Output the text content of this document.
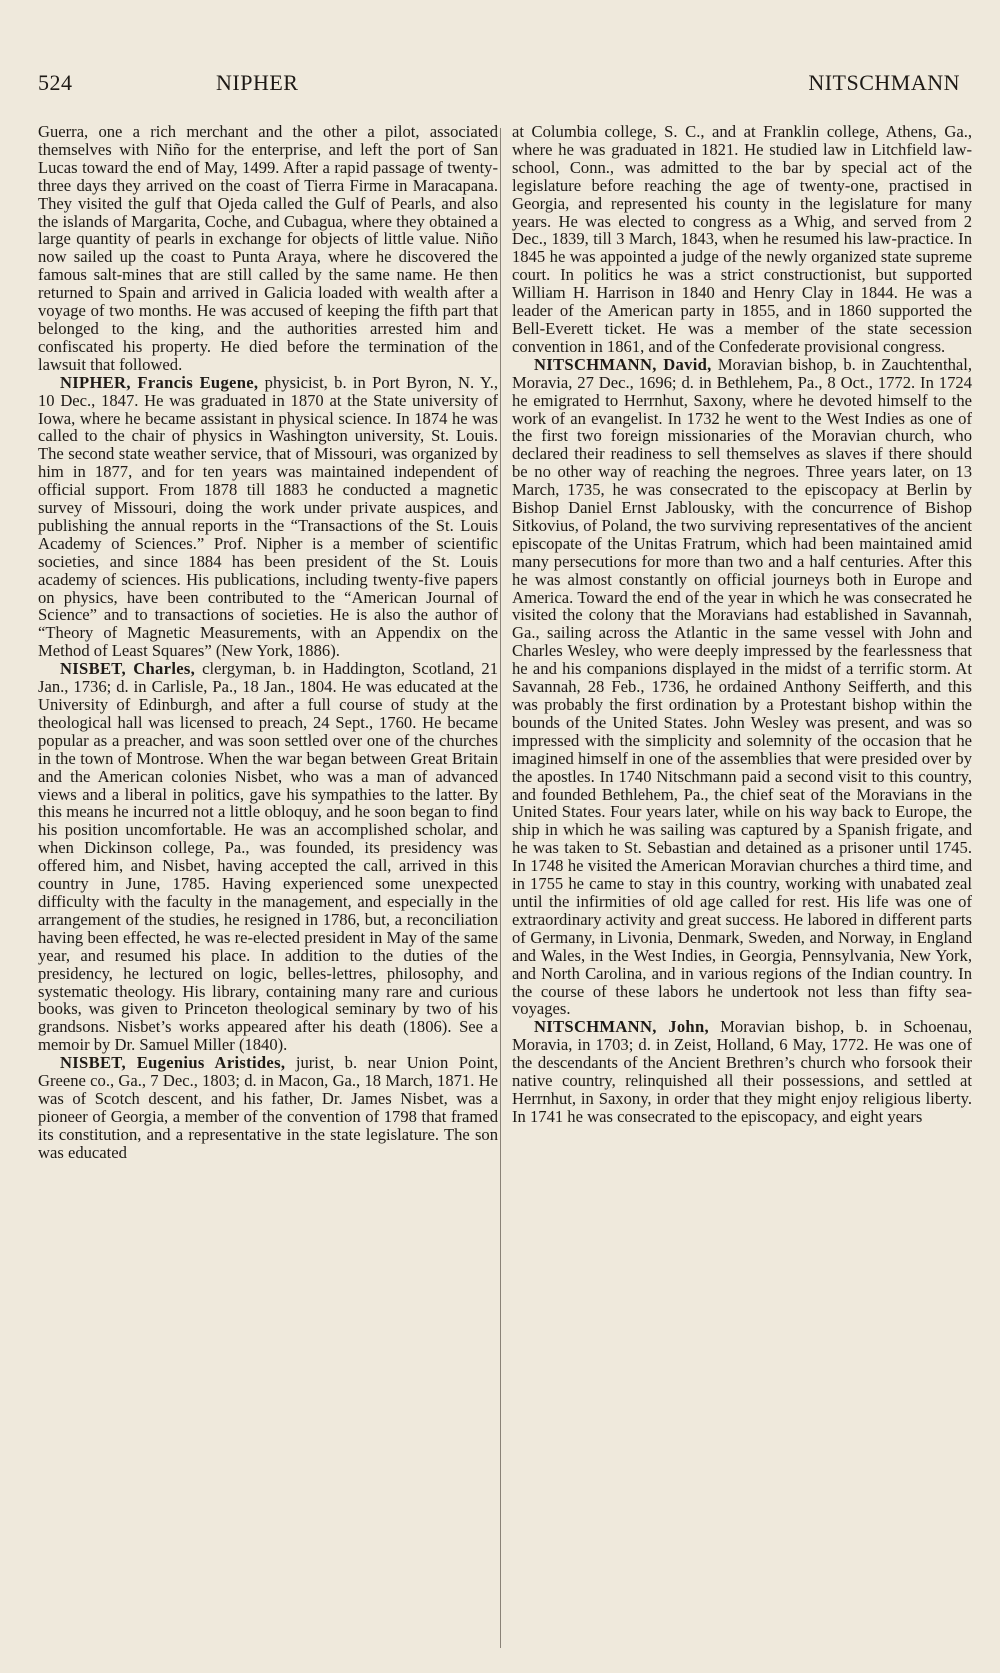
524	NIPHER	NITSCHMANN

Guerra, one a rich merchant and the other a pilot, associated themselves with Niño for the enterprise, and left the port of San Lucas toward the end of May, 1499. After a rapid passage of twenty-three days they arrived on the coast of Tierra Firme in Maracapana. They visited the gulf that Ojeda called the Gulf of Pearls, and also the islands of Margarita, Coche, and Cubagua, where they obtained a large quantity of pearls in exchange for objects of little value. Niño now sailed up the coast to Punta Araya, where he discovered the famous salt-mines that are still called by the same name. He then returned to Spain and arrived in Galicia loaded with wealth after a voyage of two months. He was accused of keeping the fifth part that belonged to the king, and the authorities arrested him and confiscated his property. He died before the termination of the lawsuit that followed.

NIPHER, Francis Eugene, physicist, b. in Port Byron, N. Y., 10 Dec., 1847. He was graduated in 1870 at the State university of Iowa, where he became assistant in physical science. In 1874 he was called to the chair of physics in Washington university, St. Louis. The second state weather service, that of Missouri, was organized by him in 1877, and for ten years was maintained independent of official support. From 1878 till 1883 he conducted a magnetic survey of Missouri, doing the work under private auspices, and publishing the annual reports in the “Transactions of the St. Louis Academy of Sciences.” Prof. Nipher is a member of scientific societies, and since 1884 has been president of the St. Louis academy of sciences. His publications, including twenty-five papers on physics, have been contributed to the “American Journal of Science” and to transactions of societies. He is also the author of “Theory of Magnetic Measurements, with an Appendix on the Method of Least Squares” (New York, 1886).

NISBET, Charles, clergyman, b. in Haddington, Scotland, 21 Jan., 1736; d. in Carlisle, Pa., 18 Jan., 1804. He was educated at the University of Edinburgh, and after a full course of study at the theological hall was licensed to preach, 24 Sept., 1760. He became popular as a preacher, and was soon settled over one of the churches in the town of Montrose. When the war began between Great Britain and the American colonies Nisbet, who was a man of advanced views and a liberal in politics, gave his sympathies to the latter. By this means he incurred not a little obloquy, and he soon began to find his position uncomfortable. He was an accomplished scholar, and when Dickinson college, Pa., was founded, its presidency was offered him, and Nisbet, having accepted the call, arrived in this country in June, 1785. Having experienced some unexpected difficulty with the faculty in the management, and especially in the arrangement of the studies, he resigned in 1786, but, a reconciliation having been effected, he was re-elected president in May of the same year, and resumed his place. In addition to the duties of the presidency, he lectured on logic, belles-lettres, philosophy, and systematic theology. His library, containing many rare and curious books, was given to Princeton theological seminary by two of his grandsons. Nisbet’s works appeared after his death (1806). See a memoir by Dr. Samuel Miller (1840).

NISBET, Eugenius Aristides, jurist, b. near Union Point, Greene co., Ga., 7 Dec., 1803; d. in Macon, Ga., 18 March, 1871. He was of Scotch descent, and his father, Dr. James Nisbet, was a pioneer of Georgia, a member of the convention of 1798 that framed its constitution, and a representative in the state legislature. The son was educated

at Columbia college, S. C., and at Franklin college, Athens, Ga., where he was graduated in 1821. He studied law in Litchfield law-school, Conn., was admitted to the bar by special act of the legislature before reaching the age of twenty-one, practised in Georgia, and represented his county in the legislature for many years. He was elected to congress as a Whig, and served from 2 Dec., 1839, till 3 March, 1843, when he resumed his law-practice. In 1845 he was appointed a judge of the newly organized state supreme court. In politics he was a strict constructionist, but supported William H. Harrison in 1840 and Henry Clay in 1844. He was a leader of the American party in 1855, and in 1860 supported the Bell-Everett ticket. He was a member of the state secession convention in 1861, and of the Confederate provisional congress.

NITSCHMANN, David, Moravian bishop, b. in Zauchtenthal, Moravia, 27 Dec., 1696; d. in Bethlehem, Pa., 8 Oct., 1772. In 1724 he emigrated to Herrnhut, Saxony, where he devoted himself to the work of an evangelist. In 1732 he went to the West Indies as one of the first two foreign missionaries of the Moravian church, who declared their readiness to sell themselves as slaves if there should be no other way of reaching the negroes. Three years later, on 13 March, 1735, he was consecrated to the episcopacy at Berlin by Bishop Daniel Ernst Jablousky, with the concurrence of Bishop Sitkovius, of Poland, the two surviving representatives of the ancient episcopate of the Unitas Fratrum, which had been maintained amid many persecutions for more than two and a half centuries. After this he was almost constantly on official journeys both in Europe and America. Toward the end of the year in which he was consecrated he visited the colony that the Moravians had established in Savannah, Ga., sailing across the Atlantic in the same vessel with John and Charles Wesley, who were deeply impressed by the fearlessness that he and his companions displayed in the midst of a terrific storm. At Savannah, 28 Feb., 1736, he ordained Anthony Seifferth, and this was probably the first ordination by a Protestant bishop within the bounds of the United States. John Wesley was present, and was so impressed with the simplicity and solemnity of the occasion that he imagined himself in one of the assemblies that were presided over by the apostles. In 1740 Nitschmann paid a second visit to this country, and founded Bethlehem, Pa., the chief seat of the Moravians in the United States. Four years later, while on his way back to Europe, the ship in which he was sailing was captured by a Spanish frigate, and he was taken to St. Sebastian and detained as a prisoner until 1745. In 1748 he visited the American Moravian churches a third time, and in 1755 he came to stay in this country, working with unabated zeal until the infirmities of old age called for rest. His life was one of extraordinary activity and great success. He labored in different parts of Germany, in Livonia, Denmark, Sweden, and Norway, in England and Wales, in the West Indies, in Georgia, Pennsylvania, New York, and North Carolina, and in various regions of the Indian country. In the course of these labors he undertook not less than fifty sea-voyages.

NITSCHMANN, John, Moravian bishop, b. in Schoenau, Moravia, in 1703; d. in Zeist, Holland, 6 May, 1772. He was one of the descendants of the Ancient Brethren’s church who forsook their native country, relinquished all their possessions, and settled at Herrnhut, in Saxony, in order that they might enjoy religious liberty. In 1741 he was consecrated to the episcopacy, and eight years
